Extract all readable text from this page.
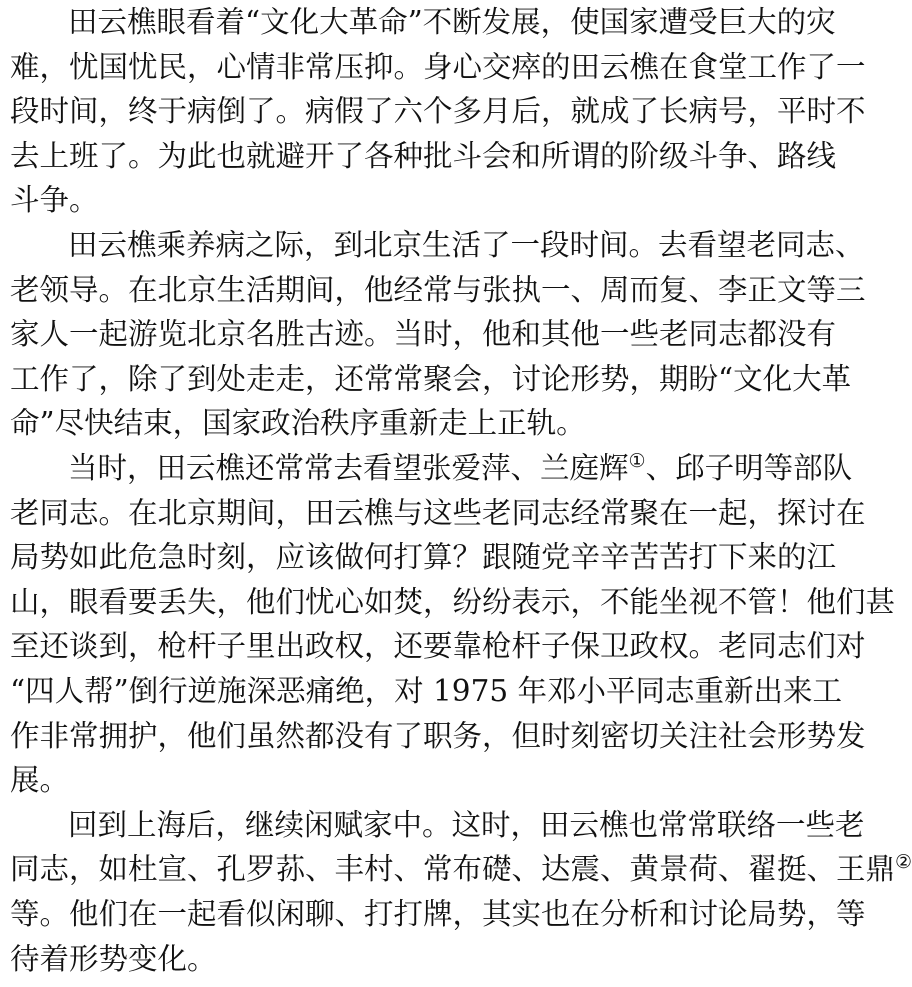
田云樵眼看着“文化大革命”不断发展，使国家遭受巨大的灾
难，忧国忧民，心情非常压抑。身心交瘁的田云樵在食堂工作了一
段时间，终于病倒了。病假了六个多月后，就成了长病号，平时不
去上班了。为此也就避开了各种批斗会和所谓的阶级斗争、路线
斗争。
田云樵乘养病之际，到北京生活了一段时间。去看望老同志、
老领导。在北京生活期间，他经常与张执一、周而复、李正文等三
家人一起游览北京名胜古迹。当时，他和其他一些老同志都没有
工作了，除了到处走走，还常常聚会，讨论形势，期盼“文化大革
命”尽快结束，国家政治秩序重新走上正轨。
当时，田云樵还常常去看望张爱萍、兰庭辉①、邱子明等部队
老同志。在北京期间，田云樵与这些老同志经常聚在一起，探讨在
局势如此危急时刻，应该做何打算？跟随党辛辛苦苦打下来的江
山，眼看要丢失，他们忧心如焚，纷纷表示，不能坐视不管！他们甚
至还谈到，枪杆子里出政权，还要靠枪杆子保卫政权。老同志们对
“四人帮”倒行逆施深恶痛绝，对 1975 年邓小平同志重新出来工
作非常拥护，他们虽然都没有了职务，但时刻密切关注社会形势发
展。
回到上海后，继续闲赋家中。这时，田云樵也常常联络一些老
同志，如杜宣、孔罗荪、丰村、常布礎、达震、黄景荷、翟挺、王鼎②
等。他们在一起看似闲聊、打打牌，其实也在分析和讨论局势，等
待着形势变化。
